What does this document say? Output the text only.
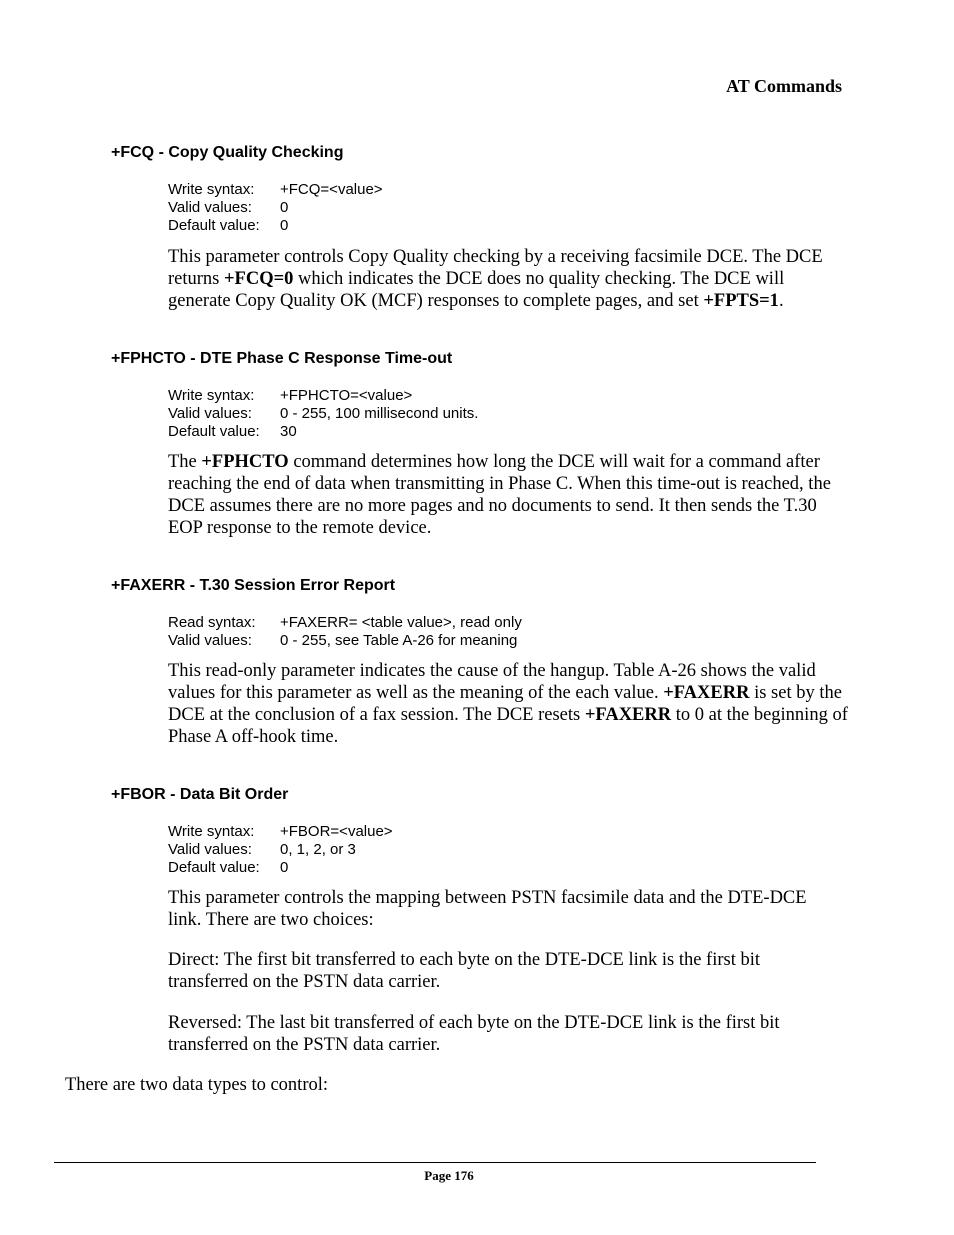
AT Commands
+FCQ - Copy Quality Checking
Write syntax:	+FCQ=<value>
Valid values:	0
Default value:	0
This parameter controls Copy Quality checking by a receiving facsimile DCE. The DCE returns +FCQ=0 which indicates the DCE does no quality checking. The DCE will generate Copy Quality OK (MCF) responses to complete pages, and set +FPTS=1.
+FPHCTO - DTE Phase C Response Time-out
Write syntax:	+FPHCTO=<value>
Valid values:	0 - 255, 100 millisecond units.
Default value:	30
The +FPHCTO command determines how long the DCE will wait for a command after reaching the end of data when transmitting in Phase C. When this time-out is reached, the DCE assumes there are no more pages and no documents to send. It then sends the T.30 EOP response to the remote device.
+FAXERR - T.30 Session Error Report
Read syntax:	+FAXERR= <table value>, read only
Valid values:	0 - 255, see Table A-26 for meaning
This read-only parameter indicates the cause of the hangup. Table A-26 shows the valid values for this parameter as well as the meaning of the each value. +FAXERR is set by the DCE at the conclusion of a fax session. The DCE resets +FAXERR to 0 at the beginning of Phase A off-hook time.
+FBOR - Data Bit Order
Write syntax:	+FBOR=<value>
Valid values:	0, 1, 2, or 3
Default value:	0
This parameter controls the mapping between PSTN facsimile data and the DTE-DCE link. There are two choices:
Direct: The first bit transferred to each byte on the DTE-DCE link is the first bit transferred on the PSTN data carrier.
Reversed: The last bit transferred of each byte on the DTE-DCE link is the first bit transferred on the PSTN data carrier.
There are two data types to control:
Page 176
